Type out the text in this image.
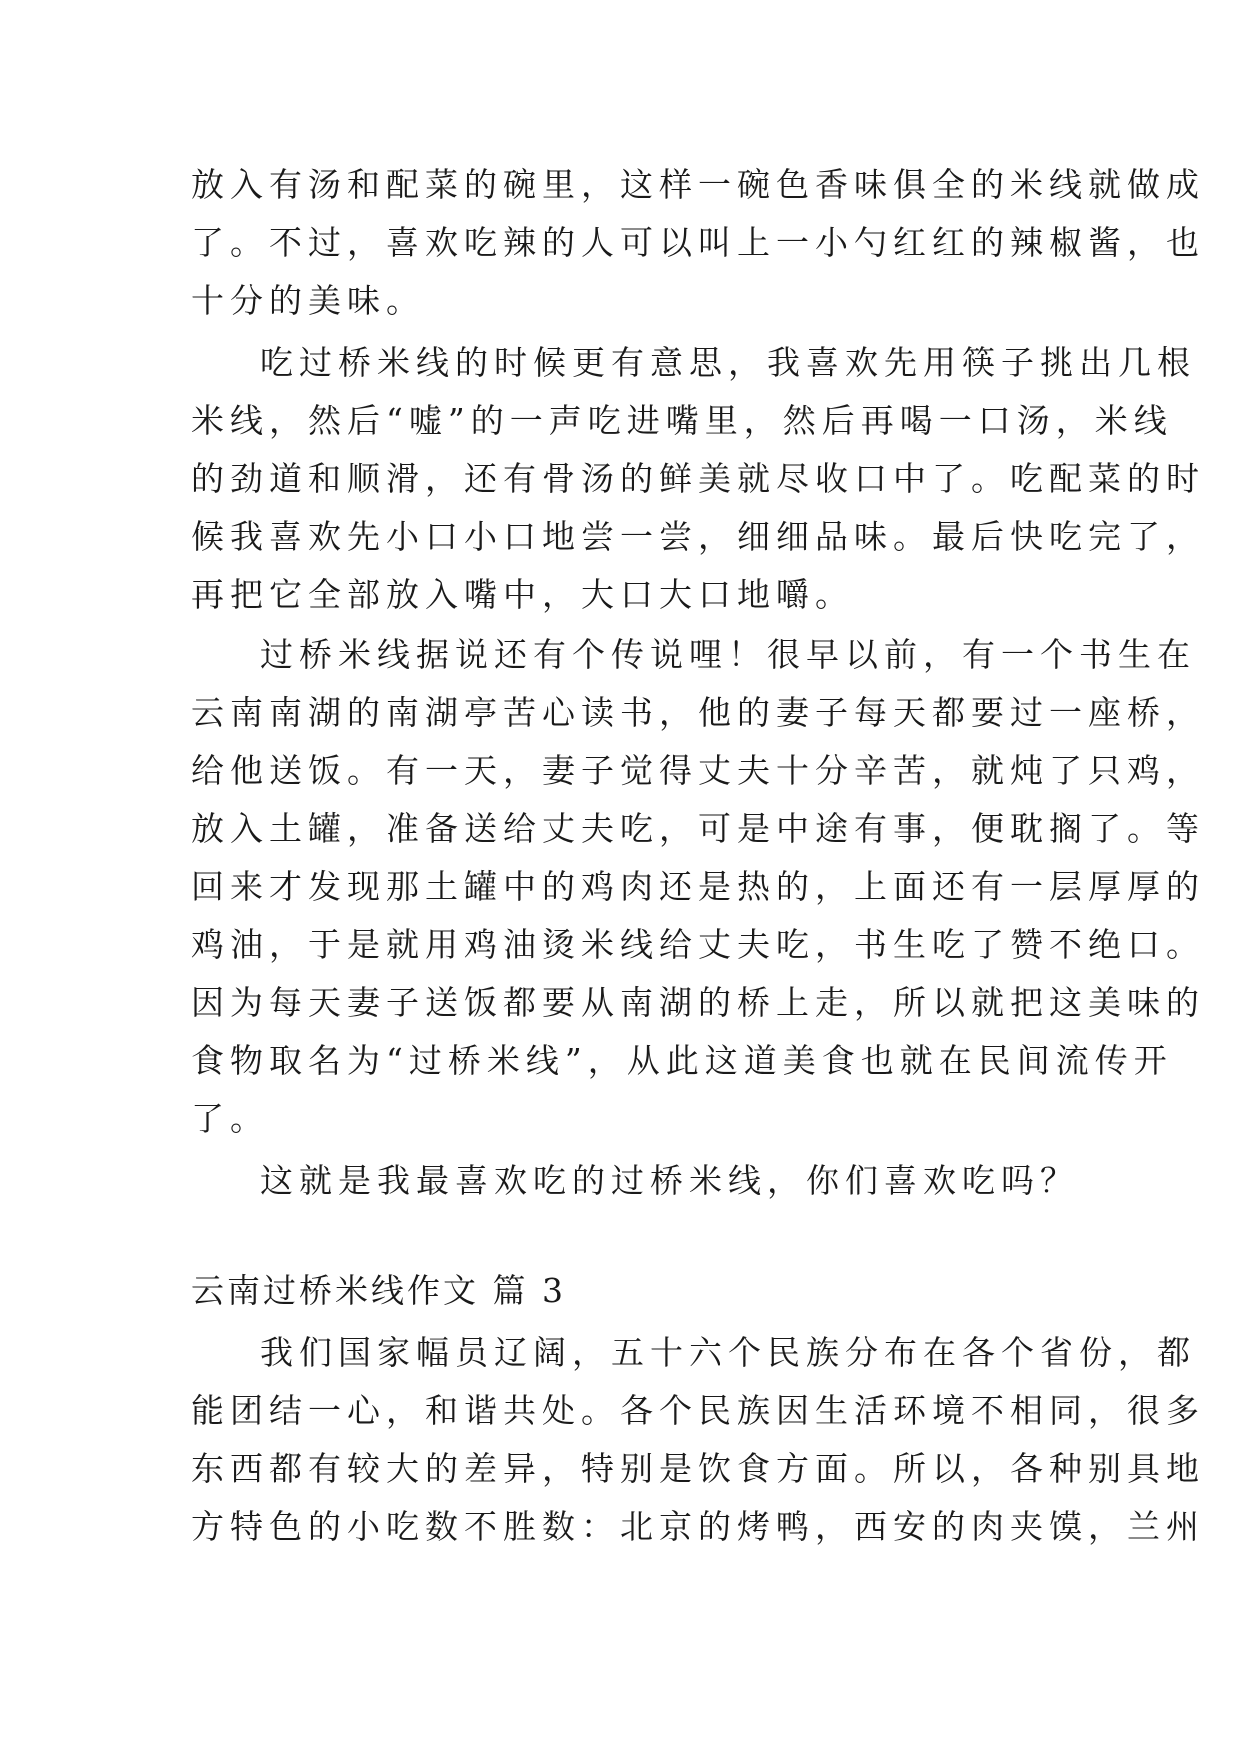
放入有汤和配菜的碗里，这样一碗色香味俱全的米线就做成
了。不过，喜欢吃辣的人可以叫上一小勺红红的辣椒酱，也
十分的美味。
吃过桥米线的时候更有意思，我喜欢先用筷子挑出几根
米线，然后“嘘”的一声吃进嘴里，然后再喝一口汤，米线
的劲道和顺滑，还有骨汤的鲜美就尽收口中了。吃配菜的时
候我喜欢先小口小口地尝一尝，细细品味。最后快吃完了，
再把它全部放入嘴中，大口大口地嚼。
过桥米线据说还有个传说哩！很早以前，有一个书生在
云南南湖的南湖亭苦心读书，他的妻子每天都要过一座桥，
给他送饭。有一天，妻子觉得丈夫十分辛苦，就炖了只鸡，
放入土罐，准备送给丈夫吃，可是中途有事，便耽搁了。等
回来才发现那土罐中的鸡肉还是热的，上面还有一层厚厚的
鸡油，于是就用鸡油烫米线给丈夫吃，书生吃了赞不绝口。
因为每天妻子送饭都要从南湖的桥上走，所以就把这美味的
食物取名为“过桥米线”，从此这道美食也就在民间流传开
了。
这就是我最喜欢吃的过桥米线，你们喜欢吃吗？
云南过桥米线作文 篇 3
我们国家幅员辽阔，五十六个民族分布在各个省份，都
能团结一心，和谐共处。各个民族因生活环境不相同，很多
东西都有较大的差异，特别是饮食方面。所以，各种别具地
方特色的小吃数不胜数：北京的烤鸭，西安的肉夹馍，兰州
